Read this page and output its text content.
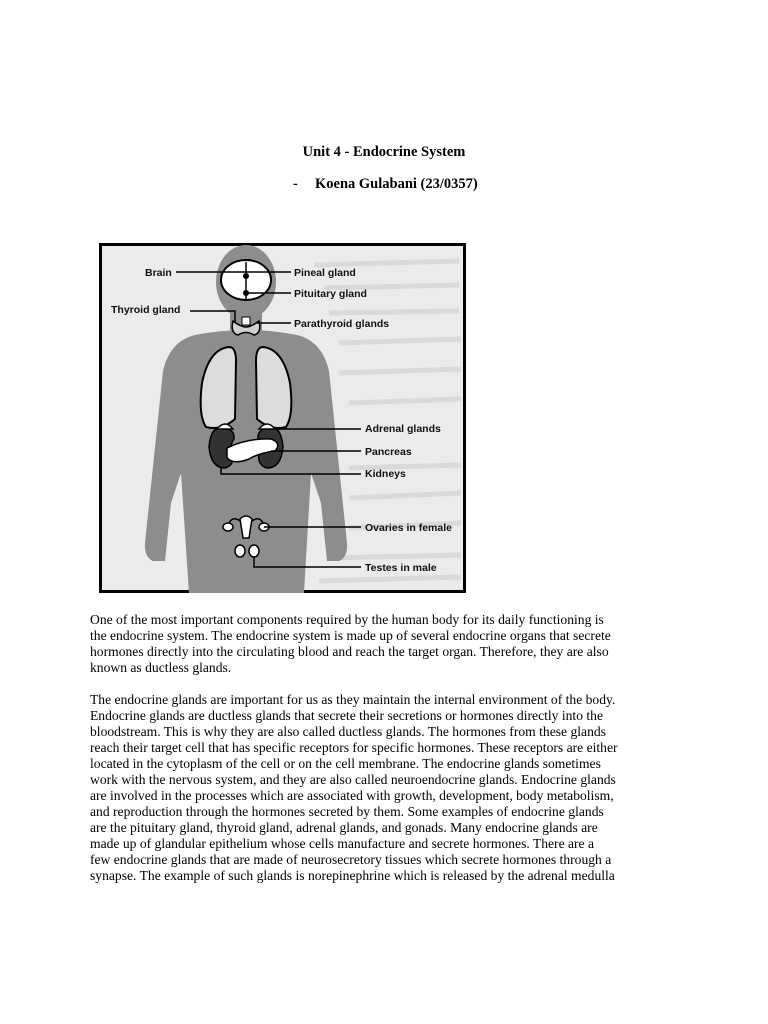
Unit 4 - Endocrine System
- Koena Gulabani (23/0357)
Brain	Pineal gland
Pituitary gland
Thyroid gland
Parathyroid glands
Adrenal glands
Pancreas
Kidneys
Ovaries in female
Testes in male
One of the most important components required by the human body for its daily functioning is
the endocrine system. The endocrine system is made up of several endocrine organs that secrete
hormones directly into the circulating blood and reach the target organ. Therefore, they are also
known as ductless glands.
The endocrine glands are important for us as they maintain the internal environment of the body.
Endocrine glands are ductless glands that secrete their secretions or hormones directly into the
bloodstream. This is why they are also called ductless glands. The hormones from these glands
reach their target cell that has specific receptors for specific hormones. These receptors are either
located in the cytoplasm of the cell or on the cell membrane. The endocrine glands sometimes
work with the nervous system, and they are also called neuroendocrine glands. Endocrine glands
are involved in the processes which are associated with growth, development, body metabolism,
and reproduction through the hormones secreted by them. Some examples of endocrine glands
are the pituitary gland, thyroid gland, adrenal glands, and gonads. Many endocrine glands are
made up of glandular epithelium whose cells manufacture and secrete hormones. There are a
few endocrine glands that are made of neurosecretory tissues which secrete hormones through a
synapse. The example of such glands is norepinephrine which is released by the adrenal medulla
